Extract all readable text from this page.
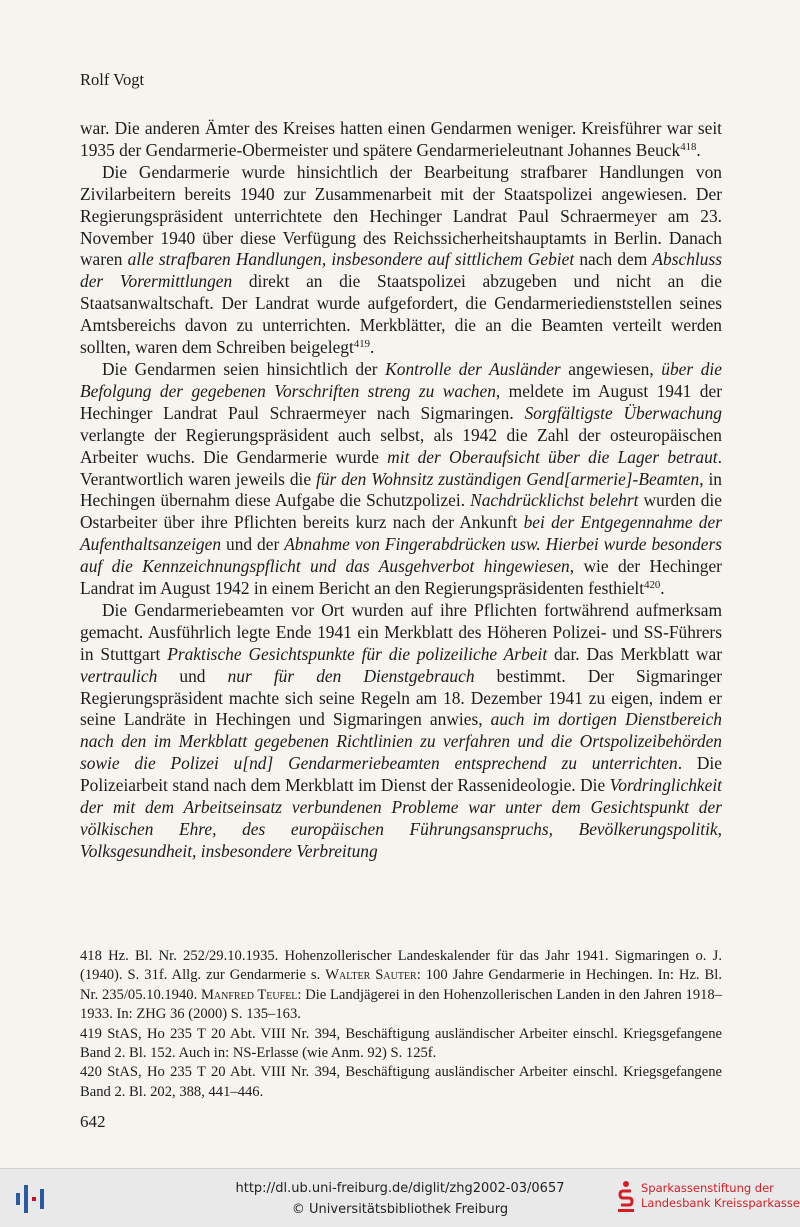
Rolf Vogt

war. Die anderen Ämter des Kreises hatten einen Gendarmen weniger. Kreisführer war seit 1935 der Gendarmerie-Obermeister und spätere Gendarmerieleutnant Johannes Beuck$^{418}$.

Die Gendarmerie wurde hinsichtlich der Bearbeitung strafbarer Handlungen von Zivilarbeitern bereits 1940 zur Zusammenarbeit mit der Staatspolizei angewiesen. Der Regierungspräsident unterrichtete den Hechinger Landrat Paul Schraermeyer am 23. November 1940 über diese Verfügung des Reichssicherheitshauptamts in Berlin. Danach waren alle strafbaren Handlungen, insbesondere auf sittlichem Gebiet nach dem Abschluss der Vorermittlungen direkt an die Staatspolizei abzugeben und nicht an die Staatsanwaltschaft. Der Landrat wurde aufgefordert, die Gendarmeriedienststellen seines Amtsbereichs davon zu unterrichten. Merkblätter, die an die Beamten verteilt werden sollten, waren dem Schreiben beigelegt$^{419}$.

Die Gendarmen seien hinsichtlich der Kontrolle der Ausländer angewiesen, über die Befolgung der gegebenen Vorschriften streng zu wachen, meldete im August 1941 der Hechinger Landrat Paul Schraermeyer nach Sigmaringen. Sorgfältigste Überwachung verlangte der Regierungspräsident auch selbst, als 1942 die Zahl der osteuropäischen Arbeiter wuchs. Die Gendarmerie wurde mit der Oberaufsicht über die Lager betraut. Verantwortlich waren jeweils die für den Wohnsitz zuständigen Gend[armerie]-Beamten, in Hechingen übernahm diese Aufgabe die Schutzpolizei. Nachdrücklichst belehrt wurden die Ostarbeiter über ihre Pflichten bereits kurz nach der Ankunft bei der Entgegennahme der Aufenthaltsanzeigen und der Abnahme von Fingerabdrücken usw. Hierbei wurde besonders auf die Kennzeichnungspflicht und das Ausgehverbot hingewiesen, wie der Hechinger Landrat im August 1942 in einem Bericht an den Regierungspräsidenten festhielt$^{420}$.

Die Gendarmeriebeamten vor Ort wurden auf ihre Pflichten fortwährend aufmerksam gemacht. Ausführlich legte Ende 1941 ein Merkblatt des Höheren Polizei- und SS-Führers in Stuttgart Praktische Gesichtspunkte für die polizeiliche Arbeit dar. Das Merkblatt war vertraulich und nur für den Dienstgebrauch bestimmt. Der Sigmaringer Regierungspräsident machte sich seine Regeln am 18. Dezember 1941 zu eigen, indem er seine Landräte in Hechingen und Sigmaringen anwies, auch im dortigen Dienstbereich nach den im Merkblatt gegebenen Richtlinien zu verfahren und die Ortspolizeibehörden sowie die Polizei u[nd] Gendarmeriebeamten entsprechend zu unterrichten. Die Polizeiarbeit stand nach dem Merkblatt im Dienst der Rassenideologie. Die Vordringlichkeit der mit dem Arbeitseinsatz verbundenen Probleme war unter dem Gesichtspunkt der völkischen Ehre, des europäischen Führungsanspruchs, Bevölkerungspolitik, Volksgesundheit, insbesondere Verbreitung

418 Hz. Bl. Nr. 252/29.10.1935. Hohenzollerischer Landeskalender für das Jahr 1941. Sigmaringen o. J. (1940). S. 31f. Allg. zur Gendarmerie s. Walter Sauter: 100 Jahre Gendarmerie in Hechingen. In: Hz. Bl. Nr. 235/05.10.1940. Manfred Teufel: Die Landjägerei in den Hohenzollerischen Landen in den Jahren 1918–1933. In: ZHG 36 (2000) S. 135–163.

419 StAS, Ho 235 T 20 Abt. VIII Nr. 394, Beschäftigung ausländischer Arbeiter einschl. Kriegsgefangene Band 2. Bl. 152. Auch in: NS-Erlasse (wie Anm. 92) S. 125f.

420 StAS, Ho 235 T 20 Abt. VIII Nr. 394, Beschäftigung ausländischer Arbeiter einschl. Kriegsgefangene Band 2. Bl. 202, 388, 441–446.

642
http://dl.ub.uni-freiburg.de/diglit/zhg2002-03/0657
© Universitätsbibliothek Freiburg
Sparkassenstiftung der
Landesbank Kreissparkasse
